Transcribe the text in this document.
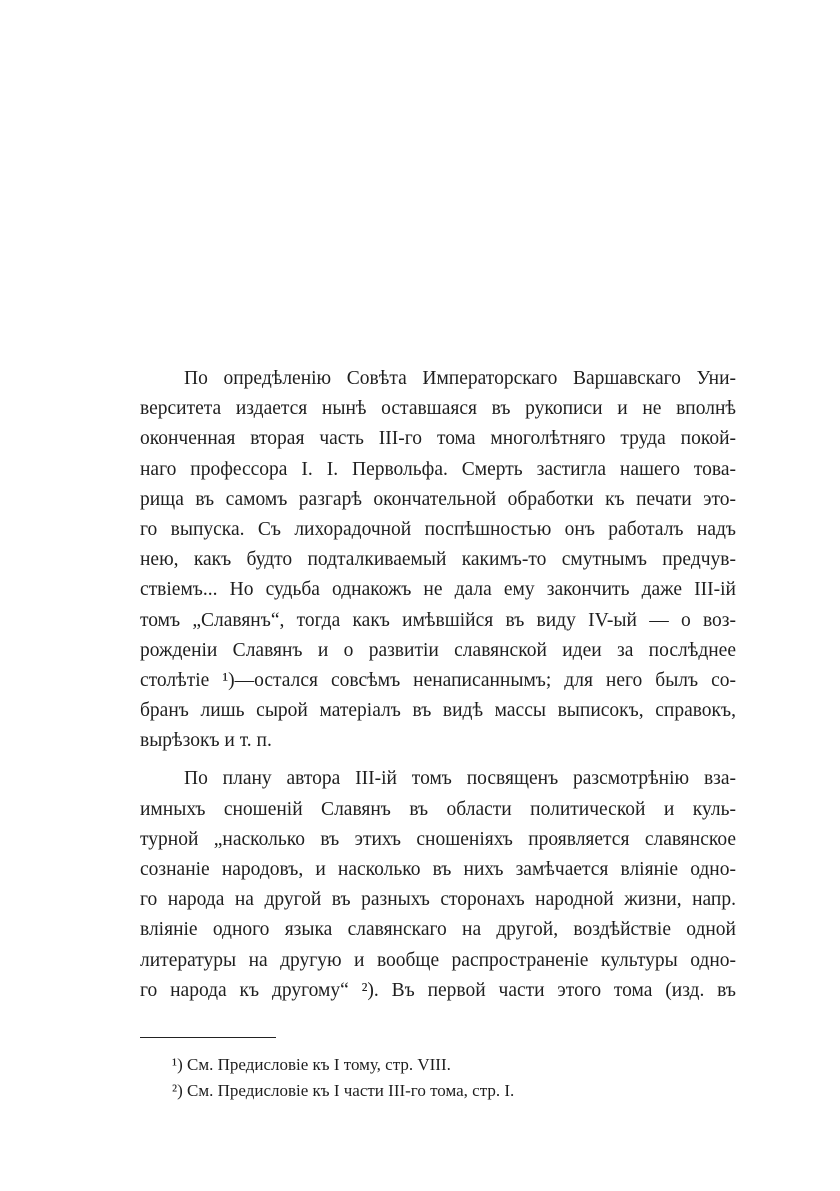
По опредѣленію Совѣта Императорскаго Варшавскаго Уни-
верситета издается нынѣ оставшаяся въ рукописи и не вполнѣ
оконченная вторая часть III-го тома многолѣтняго труда покой-
наго профессора I. I. Первольфа. Смерть застигла нашего това-
рища въ самомъ разгарѣ окончательной обработки къ печати это-
го выпуска. Съ лихорадочной поспѣшностью онъ работалъ надъ
нею, какъ будто подталкиваемый какимъ-то смутнымъ предчув-
ствіемъ... Но судьба однакожъ не дала ему закончить даже III-ій
томъ „Славянъ“, тогда какъ имѣвшійся въ виду IV-ый — о воз-
рожденіи Славянъ и о развитіи славянской идеи за послѣднее
столѣтіе ¹)—остался совсѣмъ ненаписаннымъ; для него былъ со-
бранъ лишь сырой матеріалъ въ видѣ массы выписокъ, справокъ,
вырѣзокъ и т. п.
По плану автора III-ій томъ посвященъ разсмотрѣнію вза-
имныхъ сношеній Славянъ въ области политической и куль-
турной „насколько въ этихъ сношеніяхъ проявляется славянское
сознаніе народовъ, и насколько въ нихъ замѣчается вліяніе одно-
го народа на другой въ разныхъ сторонахъ народной жизни, напр.
вліяніе одного языка славянскаго на другой, воздѣйствіе одной
литературы на другую и вообще распространеніе культуры одно-
го народа къ другому“ ²). Въ первой части этого тома (изд. въ
¹) См. Предисловіе къ I тому, стр. VIII.
²) См. Предисловіе къ I части III-го тома, стр. I.
